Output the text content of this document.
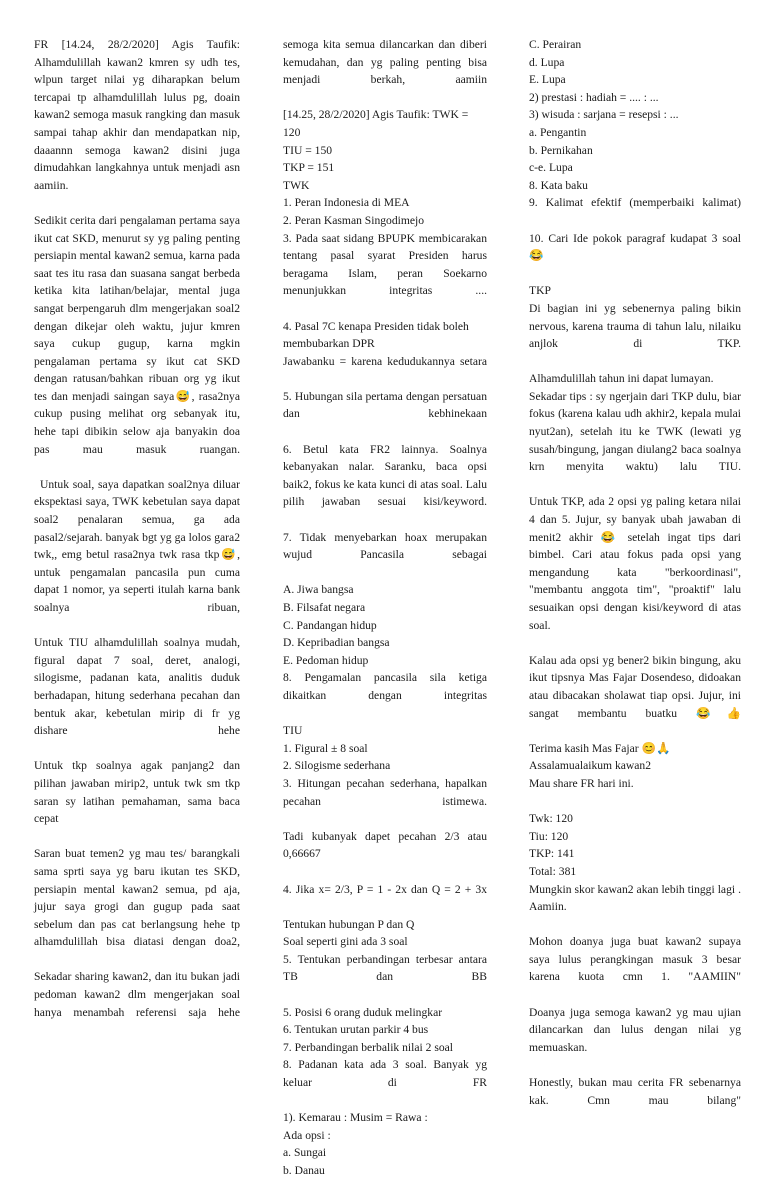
FR [14.24, 28/2/2020] Agis Taufik: Alhamdulillah kawan2 kmren sy udh tes, wlpun target nilai yg diharapkan belum tercapai tp alhamdulillah lulus pg, doain kawan2 semoga masuk rangking dan masuk sampai tahap akhir dan mendapatkan nip, daaannn semoga kawan2 disini juga dimudahkan langkahnya untuk menjadi asn aamiin.

Sedikit cerita dari pengalaman pertama saya ikut cat SKD, menurut sy yg paling penting persiapin mental kawan2 semua, karna pada saat tes itu rasa dan suasana sangat berbeda ketika kita latihan/belajar, mental juga sangat berpengaruh dlm mengerjakan soal2 dengan dikejar oleh waktu, jujur kmren saya cukup gugup, karna mgkin pengalaman pertama sy ikut cat SKD dengan ratusan/bahkan ribuan org yg ikut tes dan menjadi saingan saya😅, rasa2nya cukup pusing melihat org sebanyak itu, hehe tapi dibikin selow aja banyakin doa pas mau masuk ruangan.

Untuk soal, saya dapatkan soal2nya diluar ekspektasi saya, TWK kebetulan saya dapat soal2 penalaran semua, ga ada pasal2/sejarah. banyak bgt yg ga lolos gara2 twk,, emg betul rasa2nya twk rasa tkp😅, untuk pengamalan pancasila pun cuma dapat 1 nomor, ya seperti itulah karna bank soalnya ribuan,

Untuk TIU alhamdulillah soalnya mudah, figural dapat 7 soal, deret, analogi, silogisme, padanan kata, analitis duduk berhadapan, hitung sederhana pecahan dan bentuk akar, kebetulan mirip di fr yg dishare hehe

Untuk tkp soalnya agak panjang2 dan pilihan jawaban mirip2, untuk twk sm tkp saran sy latihan pemahaman, sama baca cepat

Saran buat temen2 yg mau tes/ barangkali sama sprti saya yg baru ikutan tes SKD, persiapin mental kawan2 semua, pd aja, jujur saya grogi dan gugup pada saat sebelum dan pas cat berlangsung hehe tp alhamdulillah bisa diatasi dengan doa2,

Sekadar sharing kawan2, dan itu bukan jadi pedoman kawan2 dlm mengerjakan soal hanya menambah referensi saja hehe

semoga kita semua dilancarkan dan diberi kemudahan, dan yg paling penting bisa menjadi berkah, aamiin

[14.25, 28/2/2020] Agis Taufik: TWK = 120

TIU = 150

TKP = 151

TWK

1. Peran Indonesia di MEA

2. Peran Kasman Singodimejo

3. Pada saat sidang BPUPK membicarakan tentang pasal syarat Presiden harus beragama Islam, peran Soekarno menunjukkan integritas ....

4. Pasal 7C kenapa Presiden tidak boleh membubarkan DPR

Jawabanku = karena kedudukannya setara

5. Hubungan sila pertama dengan persatuan dan kebhinekaan

6. Betul kata FR2 lainnya. Soalnya kebanyakan nalar. Saranku, baca opsi baik2, fokus ke kata kunci di atas soal. Lalu pilih jawaban sesuai kisi/keyword.

7. Tidak menyebarkan hoax merupakan wujud Pancasila sebagai

A. Jiwa bangsa

B. Filsafat negara

C. Pandangan hidup

D. Kepribadian bangsa

E. Pedoman hidup

8. Pengamalan pancasila sila ketiga dikaitkan dengan integritas

TIU

1. Figural ± 8 soal

2. Silogisme sederhana

3. Hitungan pecahan sederhana, hapalkan pecahan istimewa.

Tadi kubanyak dapet pecahan 2/3 atau 0,66667

4. Jika x= 2/3, P = 1 - 2x dan Q = 2 + 3x

Tentukan hubungan P dan Q

Soal seperti gini ada 3 soal

5. Tentukan perbandingan terbesar antara TB dan BB

5. Posisi 6 orang duduk melingkar

6. Tentukan urutan parkir 4 bus

7. Perbandingan berbalik nilai 2 soal

8. Padanan kata ada 3 soal. Banyak yg keluar di FR

1). Kemarau : Musim = Rawa :

Ada opsi :

a. Sungai

b. Danau

C. Perairan

d. Lupa

E. Lupa

2) prestasi : hadiah = .... : ...

3) wisuda : sarjana = resepsi : ...

a. Pengantin

b. Pernikahan

c-e. Lupa

8. Kata baku

9. Kalimat efektif (memperbaiki kalimat)

10. Cari Ide pokok paragraf kudapat 3 soal 😂

TKP

Di bagian ini yg sebenernya paling bikin nervous, karena trauma di tahun lalu, nilaiku anjlok di TKP.

Alhamdulillah tahun ini dapat lumayan.

Sekadar tips : sy ngerjain dari TKP dulu, biar fokus (karena kalau udh akhir2, kepala mulai nyut2an), setelah itu ke TWK (lewati yg susah/bingung, jangan diulang2 baca soalnya krn menyita waktu) lalu TIU.

Untuk TKP, ada 2 opsi yg paling ketara nilai 4 dan 5. Jujur, sy banyak ubah jawaban di menit2 akhir 😂 setelah ingat tips dari bimbel. Cari atau fokus pada opsi yang mengandung kata "berkoordinasi", "membantu anggota tim", "proaktif" lalu sesuaikan opsi dengan kisi/keyword di atas soal.

Kalau ada opsi yg bener2 bikin bingung, aku ikut tipsnya Mas Fajar Dosendeso, didoakan atau dibacakan sholawat tiap opsi. Jujur, ini sangat membantu buatku 😂👍

Terima kasih Mas Fajar 😊🙏

Assalamualaikum kawan2

Mau share FR hari ini.

Twk: 120

Tiu: 120

TKP: 141

Total: 381

Mungkin skor kawan2 akan lebih tinggi lagi . Aamiin.

Mohon doanya juga buat kawan2 supaya saya lulus perangkingan masuk 3 besar karena kuota cmn 1. "AAMIIN"

Doanya juga semoga kawan2 yg mau ujian dilancarkan dan lulus dengan nilai yg memuaskan.

Honestly, bukan mau cerita FR sebenarnya kak. Cmn mau bilang"
